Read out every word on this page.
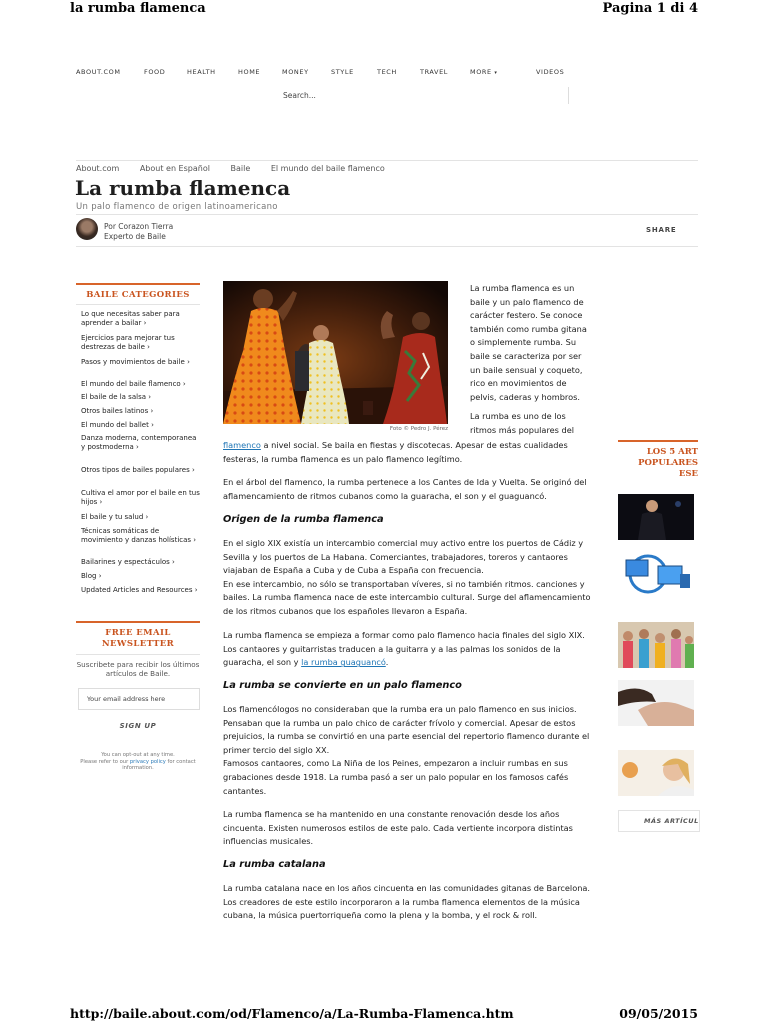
la rumba flamenca	Pagina 1 di 4
ABOUT.COM	FOOD	HEALTH	HOME	MONEY	STYLE	TECH	TRAVEL	MORE ▾	VIDEOS
Search...
About.com	About en Español	Baile	El mundo del baile flamenco
La rumba flamenca
Un palo flamenco de origen latinoamericano
Por Corazon Tierra
Experto de Baile
SHARE
BAILE CATEGORIES
Lo que necesitas saber para aprender a bailar ›
Ejercicios para mejorar tus destrezas de baile ›
Pasos y movimientos de baile ›
El mundo del baile flamenco ›
El baile de la salsa ›
Otros bailes latinos ›
El mundo del ballet ›
Danza moderna, contemporanea y postmoderna ›
Otros tipos de bailes populares ›
Cultiva el amor por el baile en tus hijos ›
El baile y tu salud ›
Técnicas somáticas de movimiento y danzas holísticas ›
Bailarines y espectáculos ›
Blog ›
Updated Articles and Resources ›
FREE EMAIL NEWSLETTER
Suscribete para recibir los últimos artículos de Baile.
Your email address here
SIGN UP
You can opt-out at any time.
Please refer to our privacy policy for contact information.
Foto © Pedro J. Pérez
La rumba flamenca es un baile y un palo flamenco de carácter festero. Se conoce también como rumba gitana o simplemente rumba. Su baile se caracteriza por ser un baile sensual y coqueto, rico en movimientos de pelvis, caderas y hombros.
La rumba es uno de los ritmos más populares del
flamenco a nivel social. Se baila en fiestas y discotecas. Apesar de estas cualidades festeras, la rumba flamenca es un palo flamenco legítimo.
En el árbol del flamenco, la rumba pertenece a los Cantes de Ida y Vuelta. Se originó del aflamencamiento de ritmos cubanos como la guaracha, el son y el guaguancó.
Origen de la rumba flamenca
En el siglo XIX existía un intercambio comercial muy activo entre los puertos de Cádiz y Sevilla y los puertos de La Habana. Comerciantes, trabajadores, toreros y cantaores viajaban de España a Cuba y de Cuba a España con frecuencia.
En ese intercambio, no sólo se transportaban víveres, si no también ritmos. canciones y bailes. La rumba flamenca nace de este intercambio cultural. Surge del aflamencamiento de los ritmos cubanos que los españoles llevaron a España.
La rumba flamenca se empieza a formar como palo flamenco hacia finales del siglo XIX. Los cantaores y guitarristas traducen a la guitarra y a las palmas los sonidos de la guaracha, el son y la rumba guaguancó.
La rumba se convierte en un palo flamenco
Los flamencólogos no consideraban que la rumba era un palo flamenco en sus inicios. Pensaban que la rumba un palo chico de carácter frívolo y comercial. Apesar de estos prejuicios, la rumba se convirtió en una parte esencial del repertorio flamenco durante el primer tercio del siglo XX.
Famosos cantaores, como La Niña de los Peines, empezaron a incluir rumbas en sus grabaciones desde 1918. La rumba pasó a ser un palo popular en los famosos cafés cantantes.
La rumba flamenca se ha mantenido en una constante renovación desde los años cincuenta. Existen numerosos estilos de este palo. Cada vertiente incorpora distintas influencias musicales.
La rumba catalana
La rumba catalana nace en los años cincuenta en las comunidades gitanas de Barcelona. Los creadores de este estilo incorporaron a la rumba flamenca elementos de la música cubana, la música puertorriqueña como la plena y la bomba, y el rock & roll.
LOS 5 ART
POPULARES
ESE
MÁS ARTÍCUL
http://baile.about.com/od/Flamenco/a/La-Rumba-Flamenca.htm	09/05/2015
